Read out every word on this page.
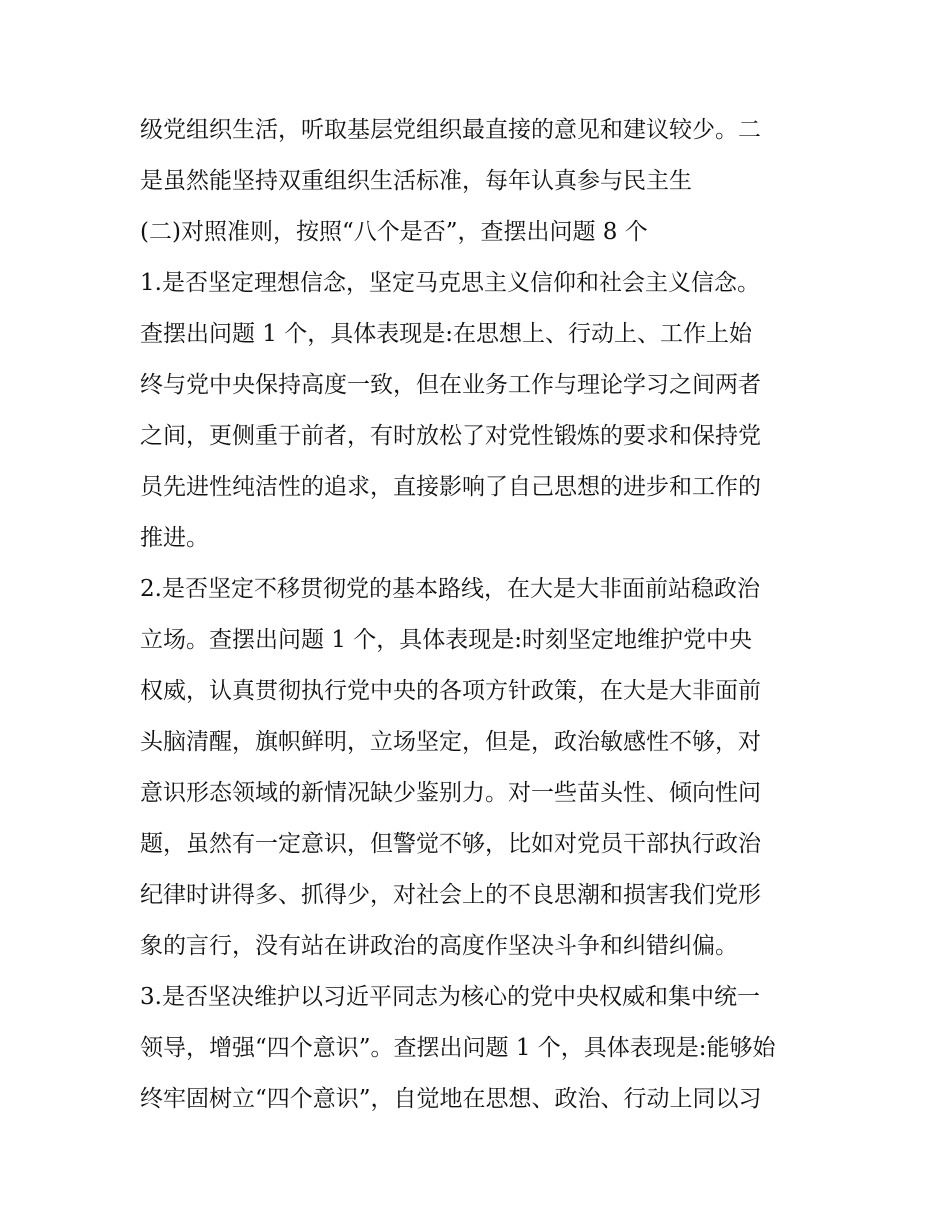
级党组织生活，听取基层党组织最直接的意见和建议较少。二
是虽然能坚持双重组织生活标准，每年认真参与民主生
(二)对照准则，按照“八个是否”，查摆出问题 8 个
1.是否坚定理想信念，坚定马克思主义信仰和社会主义信念。
查摆出问题 1 个，具体表现是:在思想上、行动上、工作上始
终与党中央保持高度一致，但在业务工作与理论学习之间两者
之间，更侧重于前者，有时放松了对党性锻炼的要求和保持党
员先进性纯洁性的追求，直接影响了自己思想的进步和工作的
推进。
2.是否坚定不移贯彻党的基本路线，在大是大非面前站稳政治
立场。查摆出问题 1 个，具体表现是:时刻坚定地维护党中央
权威，认真贯彻执行党中央的各项方针政策，在大是大非面前
头脑清醒，旗帜鲜明，立场坚定，但是，政治敏感性不够，对
意识形态领域的新情况缺少鉴别力。对一些苗头性、倾向性问
题，虽然有一定意识，但警觉不够，比如对党员干部执行政治
纪律时讲得多、抓得少，对社会上的不良思潮和损害我们党形
象的言行，没有站在讲政治的高度作坚决斗争和纠错纠偏。
3.是否坚决维护以习近平同志为核心的党中央权威和集中统一
领导，增强“四个意识”。查摆出问题 1 个，具体表现是:能够始
终牢固树立“四个意识”，自觉地在思想、政治、行动上同以习
